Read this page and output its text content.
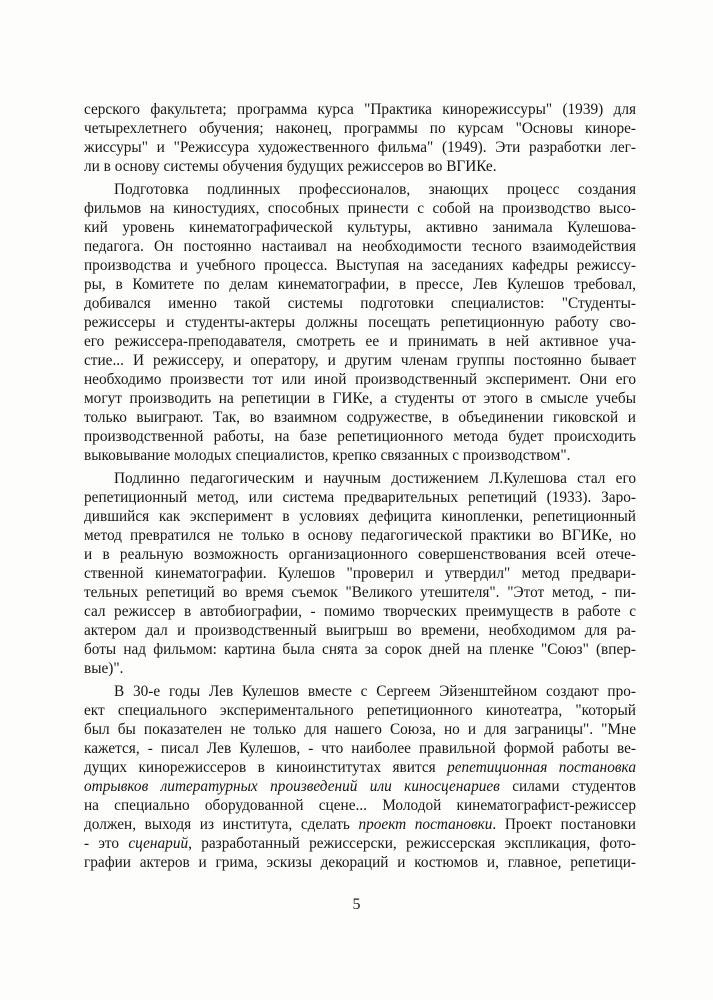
серского факультета; программа курса "Практика кинорежиссуры" (1939) для
четырехлетнего обучения; наконец, программы по курсам "Основы киноре-
жиссуры" и "Режиссура художественного фильма" (1949). Эти разработки лег-
ли в основу системы обучения будущих режиссеров во ВГИКе.
Подготовка подлинных профессионалов, знающих процесс создания
фильмов на киностудиях, способных принести с собой на производство высо-
кий уровень кинематографической культуры, активно занимала Кулешова-
педагога. Он постоянно настаивал на необходимости тесного взаимодействия
производства и учебного процесса. Выступая на заседаниях кафедры режиссу-
ры, в Комитете по делам кинематографии, в прессе, Лев Кулешов требовал,
добивался именно такой системы подготовки специалистов: "Студенты-
режиссеры и студенты-актеры должны посещать репетиционную работу сво-
его режиссера-преподавателя, смотреть ее и принимать в ней активное уча-
стие... И режиссеру, и оператору, и другим членам группы постоянно бывает
необходимо произвести тот или иной производственный эксперимент. Они его
могут производить на репетиции в ГИКе, а студенты от этого в смысле учебы
только выиграют. Так, во взаимном содружестве, в объединении гиковской и
производственной работы, на базе репетиционного метода будет происходить
выковывание молодых специалистов, крепко связанных с производством".
Подлинно педагогическим и научным достижением Л.Кулешова стал его
репетиционный метод, или система предварительных репетиций (1933). Заро-
дившийся как эксперимент в условиях дефицита кинопленки, репетиционный
метод превратился не только в основу педагогической практики во ВГИКе, но
и в реальную возможность организационного совершенствования всей отече-
ственной кинематографии. Кулешов "проверил и утвердил" метод предвари-
тельных репетиций во время съемок "Великого утешителя". "Этот метод, - пи-
сал режиссер в автобиографии, - помимо творческих преимуществ в работе с
актером дал и производственный выигрыш во времени, необходимом для ра-
боты над фильмом: картина была снята за сорок дней на пленке "Союз" (впер-
вые)".
В 30-е годы Лев Кулешов вместе с Сергеем Эйзенштейном создают про-
ект специального экспериментального репетиционного кинотеатра, "который
был бы показателен не только для нашего Союза, но и для заграницы". "Мне
кажется, - писал Лев Кулешов, - что наиболее правильной формой работы ве-
дущих кинорежиссеров в киноинститутах явится репетиционная постановка
отрывков литературных произведений или киносценариев силами студентов
на специально оборудованной сцене... Молодой кинематографист-режиссер
должен, выходя из института, сделать проект постановки. Проект постановки
- это сценарий, разработанный режиссерски, режиссерская экспликация, фото-
графии актеров и грима, эскизы декораций и костюмов и, главное, репетици-
5
